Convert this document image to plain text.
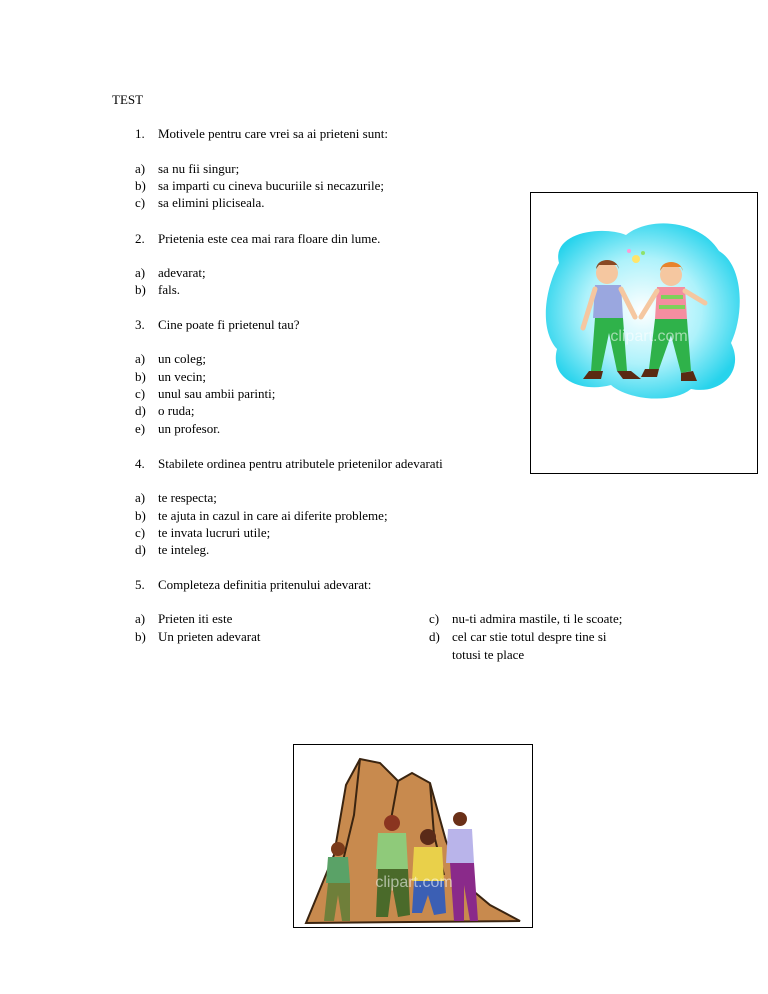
TEST
1. Motivele pentru care vrei sa ai prieteni sunt:
a) sa nu fii singur;
b) sa imparti cu cineva bucuriile si necazurile;
c) sa elimini pliciseala.
2. Prietenia este cea mai rara floare din lume.
a) adevarat;
b) fals.
3. Cine poate fi prietenul tau?
a) un coleg;
b) un vecin;
c) unul sau ambii parinti;
d) o ruda;
e) un profesor.
4. Stabilete ordinea pentru atributele prietenilor adevarati
a) te respecta;
b) te ajuta in cazul in care ai diferite probleme;
c) te invata lucruri utile;
d) te inteleg.
5. Completeza definitia pritenului adevarat:
a) Prieten iti este
b) Un prieten adevarat
c) nu-ti admira mastile, ti le scoate;
d) cel car stie totul despre tine si
totusi te place
clipart.com
clipart.com
